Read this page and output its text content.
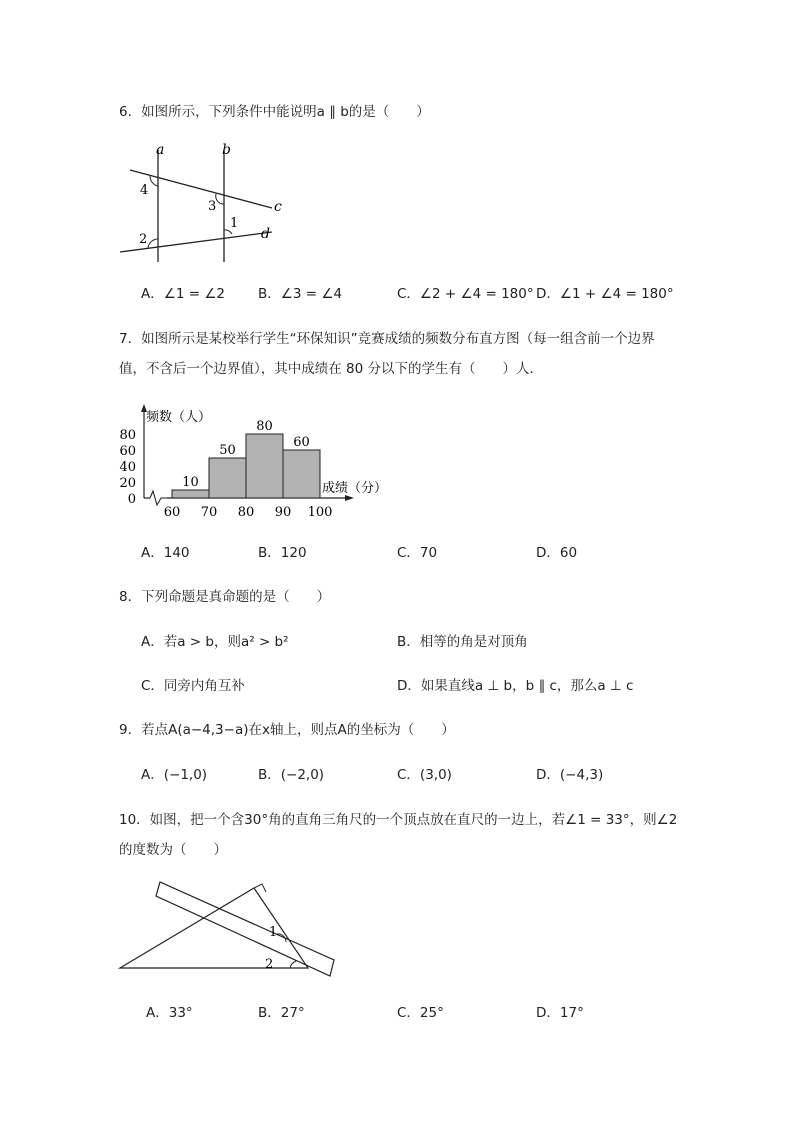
6．如图所示，下列条件中能说明a ∥ b的是（　　）
a	b
c
d
4
3
1
2
A．∠1 = ∠2 B．∠3 = ∠4	C．∠2 + ∠4 = 180° D．∠1 + ∠4 = 180°
7．如图所示是某校举行学生“环保知识”竞赛成绩的频数分布直方图（每一组含前一个边界
值，不含后一个边界值），其中成绩在 80 分以下的学生有（　　）人．
0
20
40
60
80
60 70 80 90 100
10
50
80
60
频数（人）
成绩（分）
A．140	B．120	C．70	D．60
8．下列命题是真命题的是（　　）
A．若a > b，则a² > b²	B．相等的角是对顶角
C．同旁内角互补	D．如果直线a ⊥ b，b ∥ c，那么a ⊥ c
9．若点A(a−4,3−a)在x轴上，则点A的坐标为（　　）
A．(−1,0)	B．(−2,0)	C．(3,0)	D．(−4,3)
10．如图，把一个含30°角的直角三角尺的一个顶点放在直尺的一边上，若∠1 = 33°，则∠2
的度数为（　　）
1
2
A．33°	B．27°	C．25°	D．17°
